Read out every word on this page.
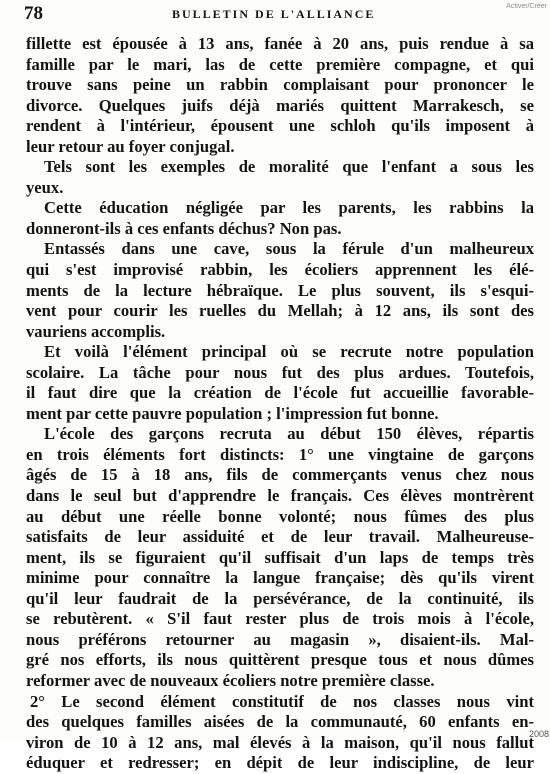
78	BULLETIN DE L'ALLIANCE
Activer/Créer
fillette est épousée à 13 ans, fanée à 20 ans, puis rendue à sa
famille par le mari, las de cette première compagne, et qui
trouve sans peine un rabbin complaisant pour prononcer le
divorce. Quelques juifs déjà mariés quittent Marrakesch, se
rendent à l'intérieur, épousent une schloh qu'ils imposent à
leur retour au foyer conjugal.
Tels sont les exemples de moralité que l'enfant a sous les
yeux.
Cette éducation négligée par les parents, les rabbins la
donneront-ils à ces enfants déchus? Non pas.
Entassés dans une cave, sous la férule d'un malheureux
qui s'est improvisé rabbin, les écoliers apprennent les élé-
ments de la lecture hébraïque. Le plus souvent, ils s'esqui-
vent pour courir les ruelles du Mellah; à 12 ans, ils sont des
vauriens accomplis.
Et voilà l'élément principal où se recrute notre population
scolaire. La tâche pour nous fut des plus ardues. Toutefois,
il faut dire que la création de l'école fut accueillie favorable-
ment par cette pauvre population ; l'impression fut bonne.
L'école des garçons recruta au début 150 élèves, répartis
en trois éléments fort distincts: 1° une vingtaine de garçons
âgés de 15 à 18 ans, fils de commerçants venus chez nous
dans le seul but d'apprendre le français. Ces élèves montrèrent
au début une réelle bonne volonté; nous fûmes des plus
satisfaits de leur assiduité et de leur travail. Malheureuse-
ment, ils se figuraient qu'il suffisait d'un laps de temps très
minime pour connaître la langue française; dès qu'ils virent
qu'il leur faudrait de la persévérance, de la continuité, ils
se rebutèrent. « S'il faut rester plus de trois mois à l'école,
nous préférons retourner au magasin », disaient-ils. Mal-
gré nos efforts, ils nous quittèrent presque tous et nous dûmes
reformer avec de nouveaux écoliers notre première classe.
2° Le second élément constitutif de nos classes nous vint
des quelques familles aisées de la communauté, 60 enfants en-
viron de 10 à 12 ans, mal élevés à la maison, qu'il nous fallut
éduquer et redresser; en dépit de leur indiscipline, de leur
2008
